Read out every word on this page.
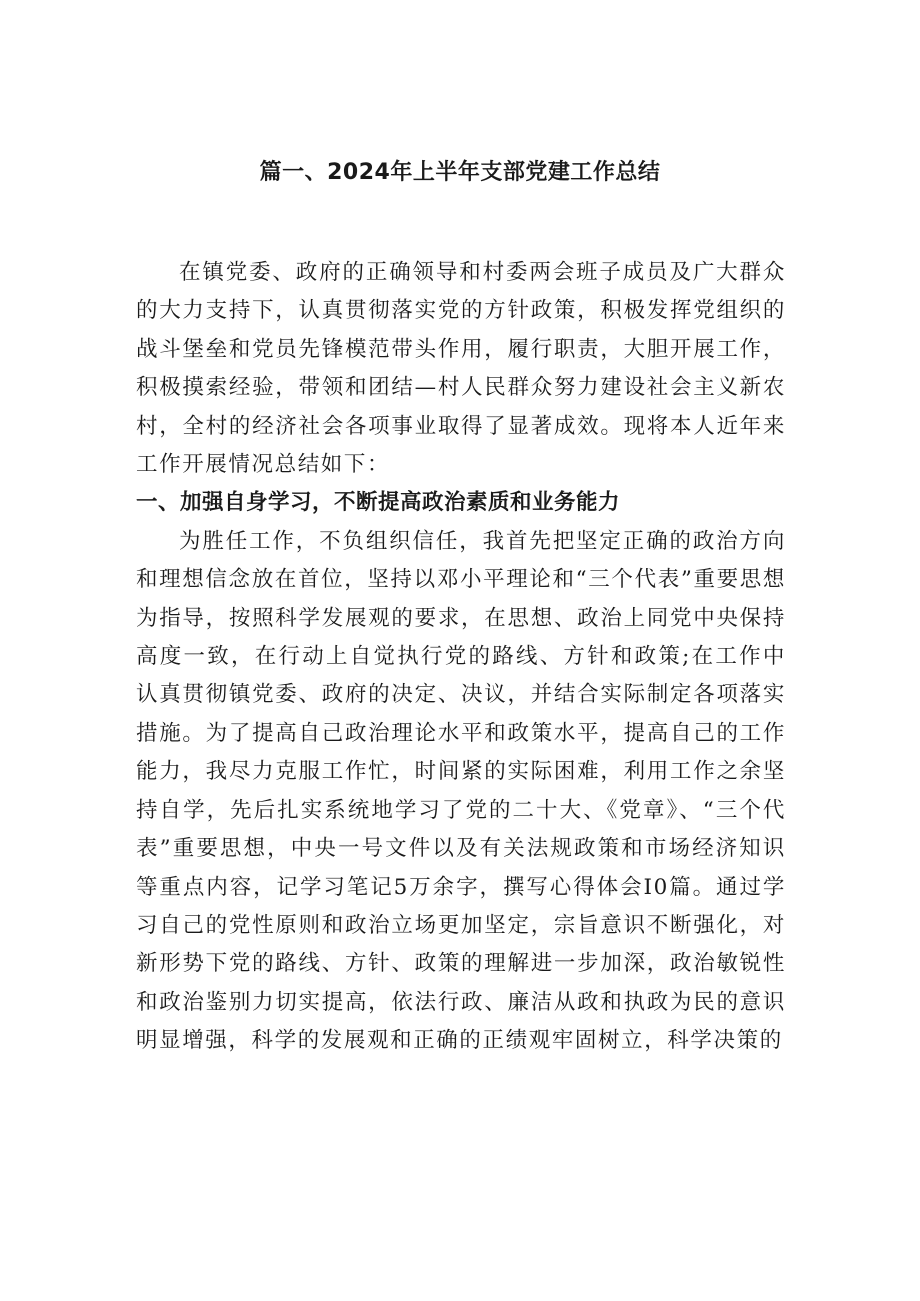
篇一、2024年上半年支部党建工作总结

在镇党委、政府的正确领导和村委两会班子成员及广大群众的大力支持下，认真贯彻落实党的方针政策，积极发挥党组织的战斗堡垒和党员先锋模范带头作用，履行职责，大胆开展工作，积极摸索经验，带领和团结—村人民群众努力建设社会主义新农村，全村的经济社会各项事业取得了显著成效。现将本人近年来工作开展情况总结如下：

一、加强自身学习，不断提高政治素质和业务能力

为胜任工作，不负组织信任，我首先把坚定正确的政治方向和理想信念放在首位，坚持以邓小平理论和“三个代表”重要思想为指导，按照科学发展观的要求，在思想、政治上同党中央保持高度一致，在行动上自觉执行党的路线、方针和政策;在工作中认真贯彻镇党委、政府的决定、决议，并结合实际制定各项落实措施。为了提高自己政治理论水平和政策水平，提高自己的工作能力，我尽力克服工作忙，时间紧的实际困难，利用工作之余坚持自学，先后扎实系统地学习了党的二十大、《党章》、“三个代表”重要思想，中央一号文件以及有关法规政策和市场经济知识等重点内容，记学习笔记5万余字，撰写心得体会I0篇。通过学习自己的党性原则和政治立场更加坚定，宗旨意识不断强化，对新形势下党的路线、方针、政策的理解进一步加深，政治敏锐性和政治鉴别力切实提高，依法行政、廉洁从政和执政为民的意识明显增强，科学的发展观和正确的正绩观牢固树立，科学决策的
